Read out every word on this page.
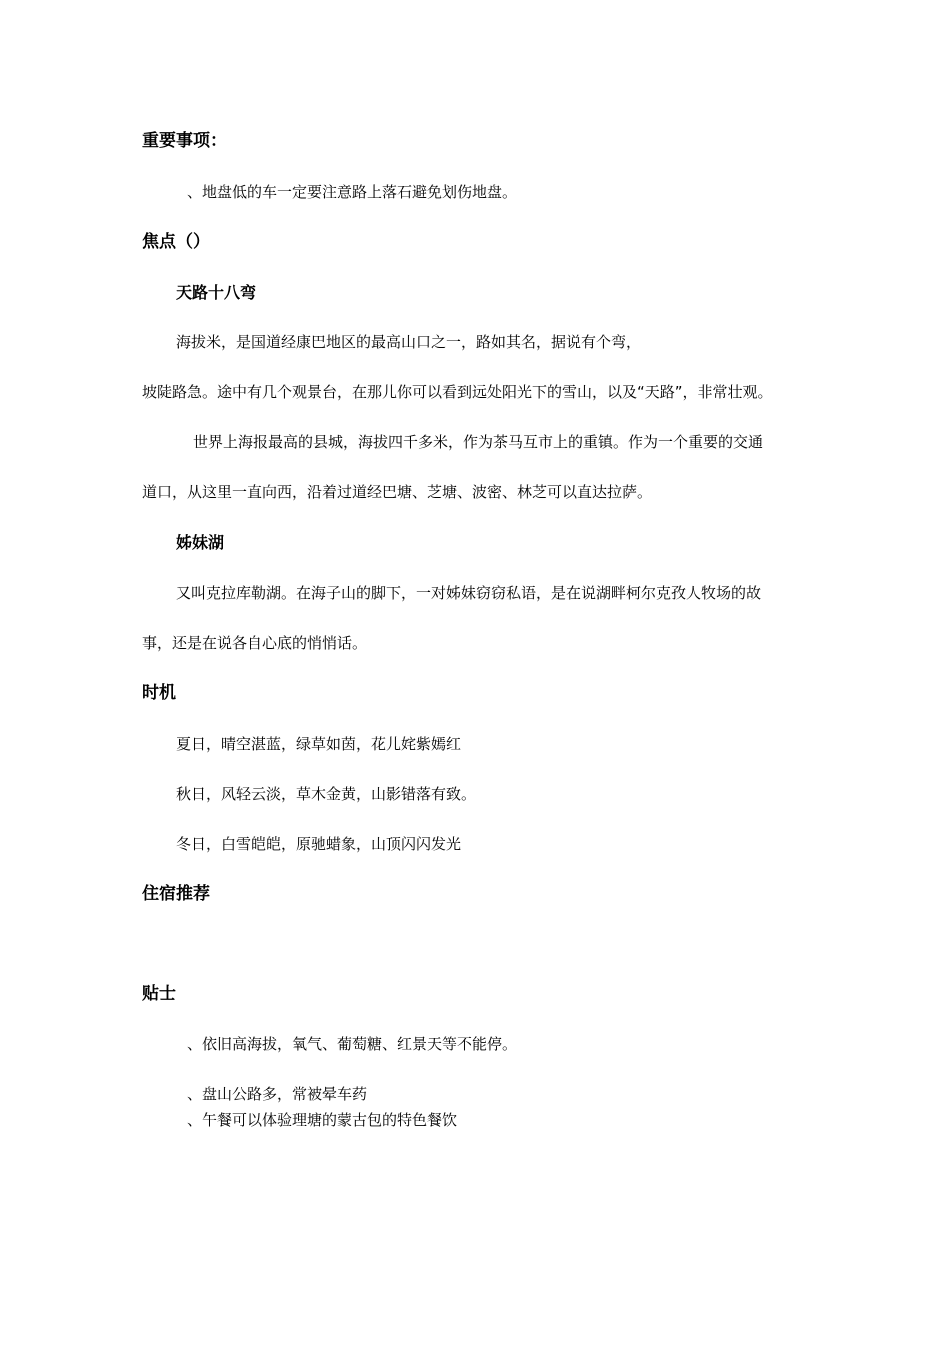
重要事项：
、地盘低的车一定要注意路上落石避免划伤地盘。
焦点（）
天路十八弯
海拔米，是国道经康巴地区的最高山口之一，路如其名，据说有个弯，
坡陡路急。途中有几个观景台，在那儿你可以看到远处阳光下的雪山，以及“天路”，非常壮观。
世界上海报最高的县城，海拔四千多米，作为茶马互市上的重镇。作为一个重要的交通
道口，从这里一直向西，沿着过道经巴塘、芝塘、波密、林芝可以直达拉萨。
姊妹湖
又叫克拉库勒湖。在海子山的脚下，一对姊妹窃窃私语，是在说湖畔柯尔克孜人牧场的故
事，还是在说各自心底的悄悄话。
时机
夏日，晴空湛蓝，绿草如茵，花儿姹紫嫣红
秋日，风轻云淡，草木金黄，山影错落有致。
冬日，白雪皑皑，原驰蜡象，山顶闪闪发光
住宿推荐
贴士
、依旧高海拔，氧气、葡萄糖、红景天等不能停。
、盘山公路多，常被晕车药
、午餐可以体验理塘的蒙古包的特色餐饮
